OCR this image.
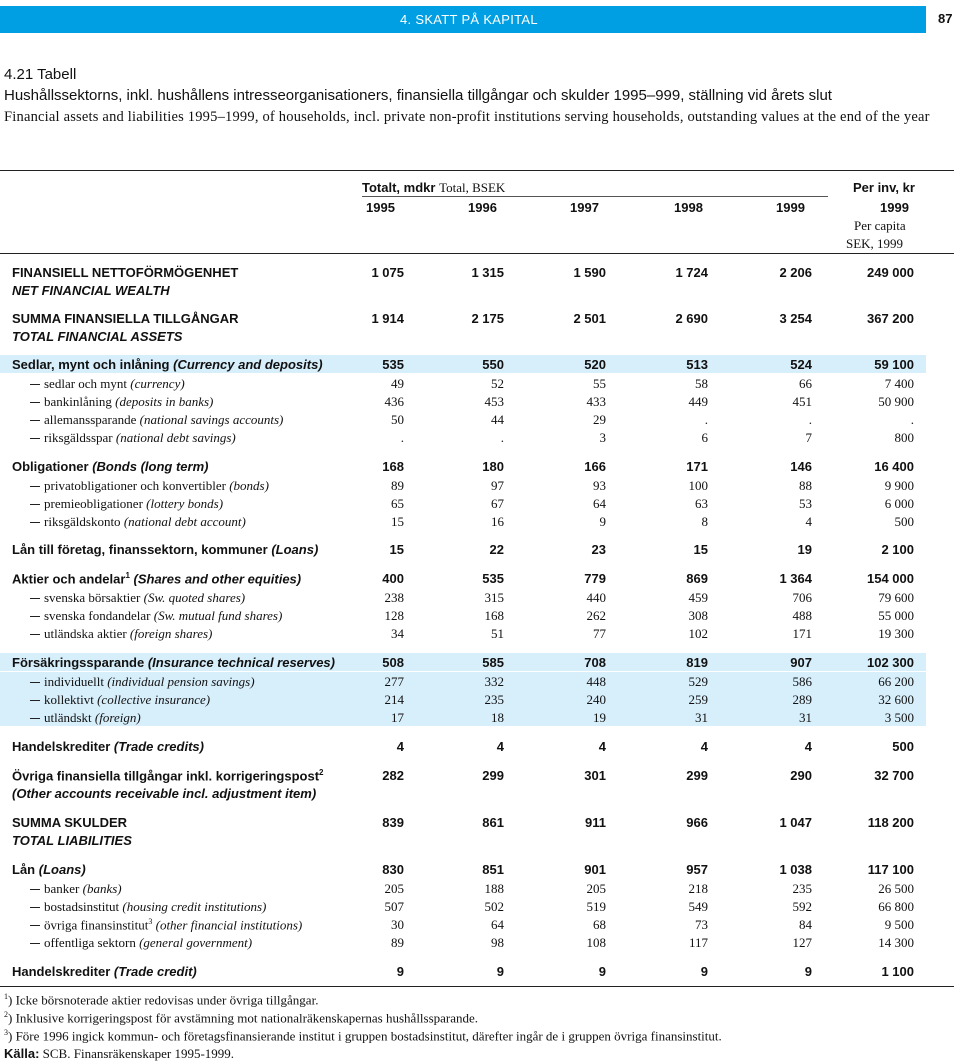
4. SKATT PÅ KAPITAL	87
4.21 Tabell
Hushållssektorns, inkl. hushållens intresseorganisationers, finansiella tillgångar och skulder 1995–999, ställning vid årets slut
Financial assets and liabilities 1995–1999, of households, incl. private non-profit institutions serving households, outstanding values at the end of the year
Totalt, mdkr Total, BSEK	Per inv, kr
1995	1996	1997	1998	1999	1999
Per capita
SEK, 1999
FINANSIELL NETTOFÖRMÖGENHET
NET FINANCIAL WEALTH
1 075	1 315	1 590	1 724	2 206	249 000
SUMMA FINANSIELLA TILLGÅNGAR
TOTAL FINANCIAL ASSETS
1 914	2 175	2 501	2 690	3 254	367 200
Sedlar, mynt och inlåning (Currency and deposits)	535	550	520	513	524	59 100
sedlar och mynt (currency)	49	52	55	58	66	7 400
bankinlåning (deposits in banks)	436	453	433	449	451	50 900
allemanssparande (national savings accounts)	50	44	29	.	.	.
riksgäldsspar (national debt savings)	.	.	3	6	7	800
Obligationer (Bonds (long term)	168	180	166	171	146	16 400
privatobligationer och konvertibler (bonds)	89	97	93	100	88	9 900
premieobligationer (lottery bonds)	65	67	64	63	53	6 000
riksgäldskonto (national debt account)	15	16	9	8	4	500
Lån till företag, finanssektorn, kommuner (Loans)	15	22	23	15	19	2 100
Aktier och andelar$^1$ (Shares and other equities)	400	535	779	869	1 364	154 000
svenska börsaktier (Sw. quoted shares)	238	315	440	459	706	79 600
svenska fondandelar (Sw. mutual fund shares)	128	168	262	308	488	55 000
utländska aktier (foreign shares)	34	51	77	102	171	19 300
Försäkringssparande (Insurance technical reserves)	508	585	708	819	907	102 300
individuellt (individual pension savings)	277	332	448	529	586	66 200
kollektivt (collective insurance)	214	235	240	259	289	32 600
utländskt (foreign)	17	18	19	31	31	3 500
Handelskrediter (Trade credits)	4	4	4	4	4	500
Övriga finansiella tillgångar inkl. korrigeringspost$^2$
(Other accounts receivable incl. adjustment item)
282	299	301	299	290	32 700
SUMMA SKULDER
TOTAL LIABILITIES
839	861	911	966	1 047	118 200
Lån (Loans)	830	851	901	957	1 038	117 100
banker (banks)	205	188	205	218	235	26 500
bostadsinstitut (housing credit institutions)	507	502	519	549	592	66 800
övriga finansinstitut$^3$ (other financial institutions)	30	64	68	73	84	9 500
offentliga sektorn (general government)	89	98	108	117	127	14 300
Handelskrediter (Trade credit)	9	9	9	9	9	1 100
$^1$) Icke börsnoterade aktier redovisas under övriga tillgångar.
$^2$) Inklusive korrigeringspost för avstämning mot nationalräkenskapernas hushållssparande.
$^3$) Före 1996 ingick kommun- och företagsfinansierande institut i gruppen bostadsinstitut, därefter ingår de i gruppen övriga finansinstitut.
Källa: SCB. Finansräkenskaper 1995-1999.
